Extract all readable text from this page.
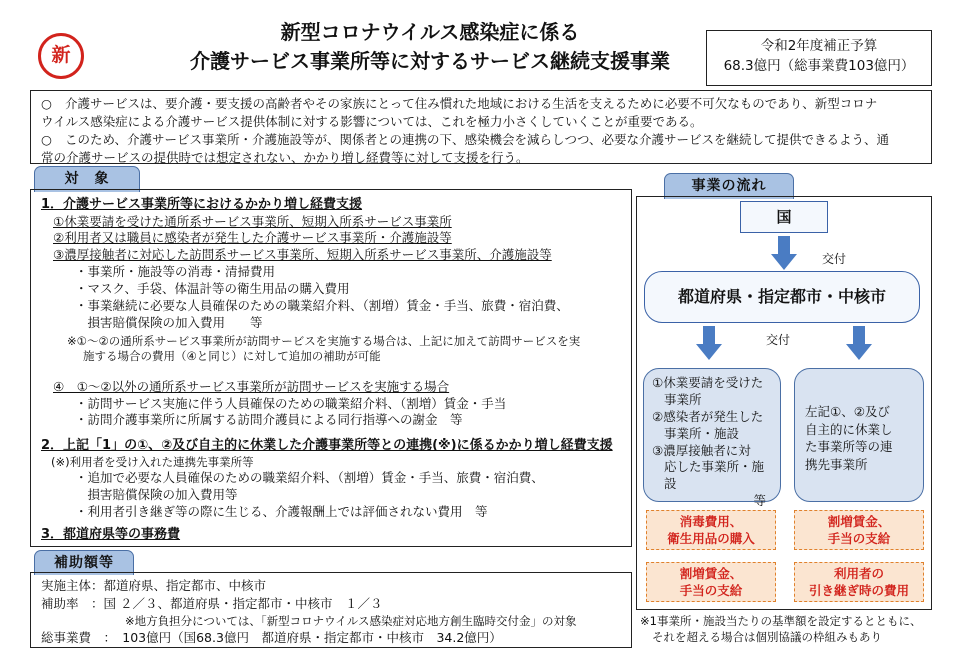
新
新型コロナウイルス感染症に係る
介護サービス事業所等に対するサービス継続支援事業
令和2年度補正予算
68.3億円（総事業費103億円）
○	介護サービスは、要介護・要支援の高齢者やその家族にとって住み慣れた地域における生活を支えるために必要不可欠なものであり、新型コロナ
ウイルス感染症による介護サービス提供体制に対する影響については、これを極力小さくしていくことが重要である。
○	このため、介護サービス事業所・介護施設等が、関係者との連携の下、感染機会を減らしつつ、必要な介護サービスを継続して提供できるよう、通
常の介護サービスの提供時では想定されない、かかり増し経費等に対して支援を行う。
対　象
1．介護サービス事業所等におけるかかり増し経費支援
①休業要請を受けた通所系サービス事業所、短期入所系サービス事業所
②利用者又は職員に感染者が発生した介護サービス事業所・介護施設等
③濃厚接触者に対応した訪問系サービス事業所、短期入所系サービス事業所、介護施設等
・事業所・施設等の消毒・清掃費用
・マスク、手袋、体温計等の衛生用品の購入費用
・事業継続に必要な人員確保のための職業紹介料、（割増）賃金・手当、旅費・宿泊費、
　損害賠償保険の加入費用　　等
※①～②の通所系サービス事業所が訪問サービスを実施する場合は、上記に加えて訪問サービスを実
施する場合の費用（④と同じ）に対して追加の補助が可能
④　①～②以外の通所系サービス事業所が訪問サービスを実施する場合
・訪問サービス実施に伴う人員確保のための職業紹介料、（割増）賃金・手当
・訪問介護事業所に所属する訪問介護員による同行指導への謝金　等
2．上記「1」の①、②及び自主的に休業した介護事業所等との連携(※)に係るかかり増し経費支援
(※)利用者を受け入れた連携先事業所等
・追加で必要な人員確保のための職業紹介料、（割増）賃金・手当、旅費・宿泊費、
　損害賠償保険の加入費用等
・利用者引き継ぎ等の際に生じる、介護報酬上では評価されない費用　等
3．都道府県等の事務費
補助額等
実施主体：都道府県、指定都市、中核市
補助率　：国 ２／３、都道府県・指定都市・中核市　１／３
※地方負担分については、「新型コロナウイルス感染症対応地方創生臨時交付金」の対象
総事業費　：　103億円（国68.3億円　都道府県・指定都市・中核市　34.2億円）
事業の流れ
国
交付
都道府県・指定都市・中核市
交付
①休業要請を受けた
事業所
②感染者が発生した
事業所・施設
③濃厚接触者に対
応した事業所・施設
等
左記①、②及び
自主的に休業し
た事業所等の連
携先事業所
消毒費用、
衛生用品の購入
割増賃金、
手当の支給
割増賃金、
手当の支給
利用者の
引き継ぎ時の費用
※1事業所・施設当たりの基準額を設定するとともに、
それを超える場合は個別協議の枠組みもあり
